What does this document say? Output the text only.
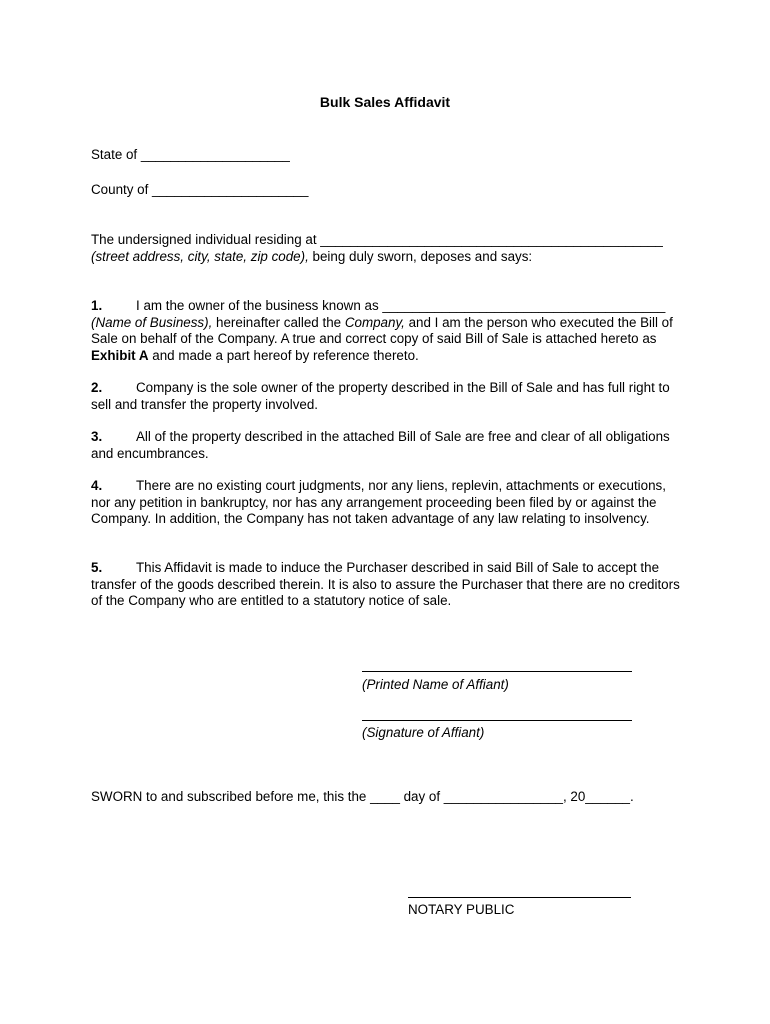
Bulk Sales Affidavit
State of ____________________
County of _____________________
The undersigned individual residing at ______________________________________________
(street address, city, state, zip code), being duly sworn, deposes and says:
1.	I am the owner of the business known as ______________________________________
(Name of Business), hereinafter called the Company, and I am the person who executed the Bill of Sale on behalf of the Company. A true and correct copy of said Bill of Sale is attached hereto as Exhibit A and made a part hereof by reference thereto.
2.	Company is the sole owner of the property described in the Bill of Sale and has full right to sell and transfer the property involved.
3.	All of the property described in the attached Bill of Sale are free and clear of all obligations and encumbrances.
4.	There are no existing court judgments, nor any liens, replevin, attachments or executions, nor any petition in bankruptcy, nor has any arrangement proceeding been filed by or against the Company. In addition, the Company has not taken advantage of any law relating to insolvency.
5.	This Affidavit is made to induce the Purchaser described in said Bill of Sale to accept the transfer of the goods described therein. It is also to assure the Purchaser that there are no creditors of the Company who are entitled to a statutory notice of sale.
(Printed Name of Affiant)
(Signature of Affiant)
SWORN to and subscribed before me, this the ____ day of ________________, 20______.
NOTARY PUBLIC
